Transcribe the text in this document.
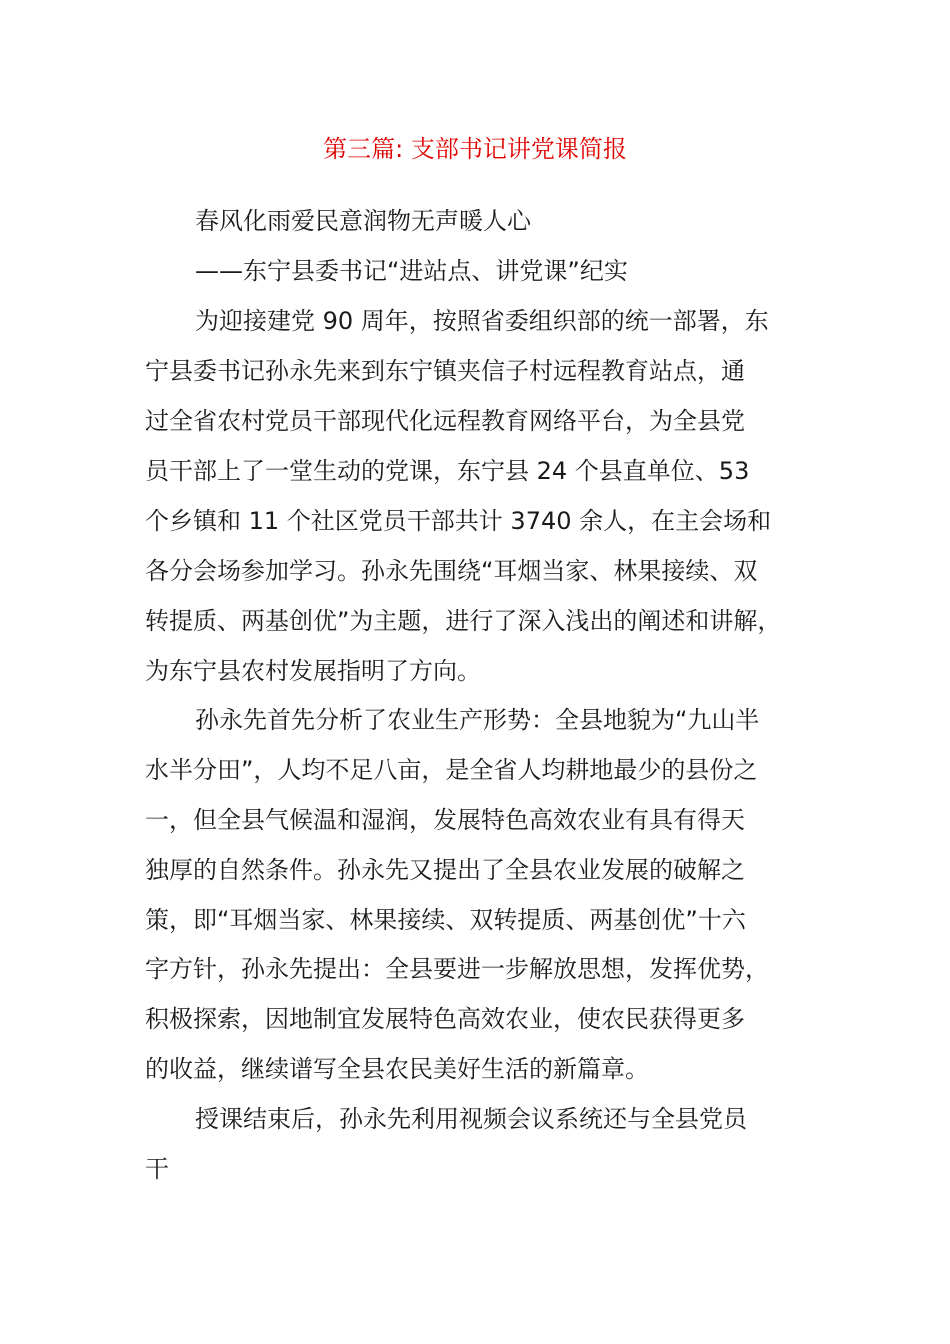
第三篇: 支部书记讲党课简报
春风化雨爱民意润物无声暖人心
——东宁县委书记“进站点、讲党课”纪实
为迎接建党 90 周年，按照省委组织部的统一部署，东
宁县委书记孙永先来到东宁镇夹信子村远程教育站点，通
过全省农村党员干部现代化远程教育网络平台，为全县党
员干部上了一堂生动的党课，东宁县 24 个县直单位、53
个乡镇和 11 个社区党员干部共计 3740 余人，在主会场和
各分会场参加学习。孙永先围绕“耳烟当家、林果接续、双
转提质、两基创优”为主题，进行了深入浅出的阐述和讲解，
为东宁县农村发展指明了方向。
孙永先首先分析了农业生产形势：全县地貌为“九山半
水半分田”，人均不足八亩，是全省人均耕地最少的县份之
一，但全县气候温和湿润，发展特色高效农业有具有得天
独厚的自然条件。孙永先又提出了全县农业发展的破解之
策，即“耳烟当家、林果接续、双转提质、两基创优”十六
字方针，孙永先提出：全县要进一步解放思想，发挥优势，
积极探索，因地制宜发展特色高效农业，使农民获得更多
的收益，继续谱写全县农民美好生活的新篇章。
授课结束后，孙永先利用视频会议系统还与全县党员
干
